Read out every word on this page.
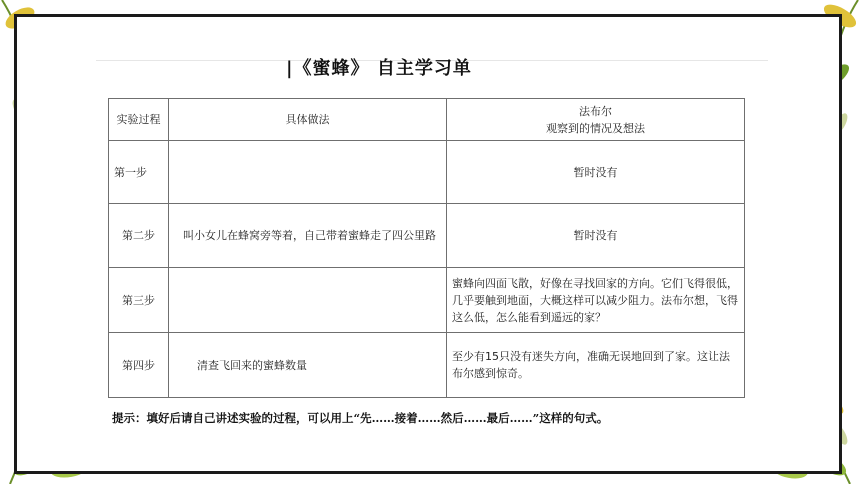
|《蜜蜂》 自主学习单
实验过程	具体做法	法布尔
观察到的情况及想法

第一步		暂时没有
第二步	叫小女儿在蜂窝旁等着，自己带着蜜蜂走了四公里路	暂时没有
第三步		蜜蜂向四面飞散，好像在寻找回家的方向。它们飞得很低，几乎要触到地面，大概这样可以减少阻力。法布尔想，飞得这么低，怎么能看到遥远的家？
第四步	清查飞回来的蜜蜂数量	至少有15只没有迷失方向，准确无误地回到了家。这让法布尔感到惊奇。
提示：填好后请自己讲述实验的过程，可以用上“先……接着……然后……最后……”这样的句式。
